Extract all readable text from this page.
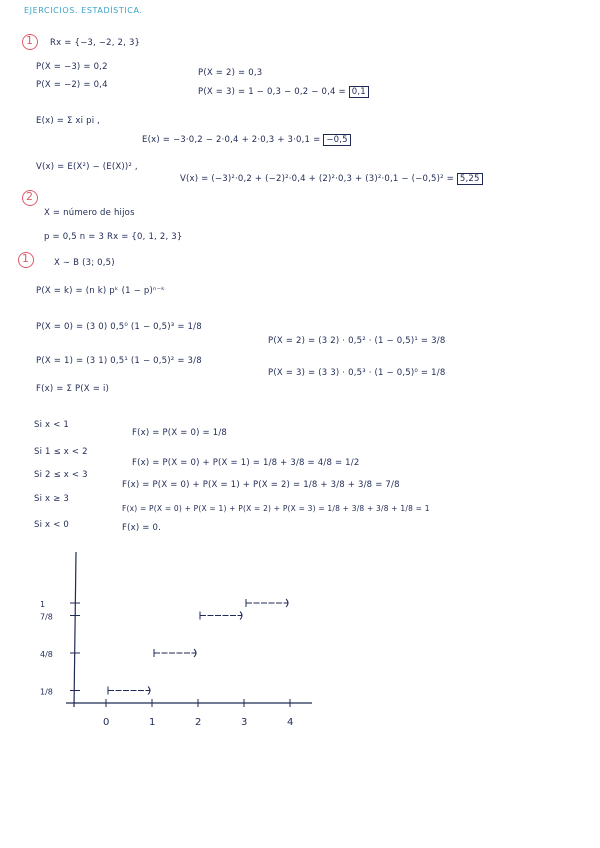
EJERCICIOS. ESTADÍSTICA.
1 Rx = {−3, −2, 2, 3}
P(X = −3) = 0,2
P(X = −2) = 0,4
P(X = 2) = 0,3
P(X = 3) = 1 − 0,3 − 0,2 − 0,4 = 0,1
E(x) = Σ xi pi ,
E(x) = −3·0,2 − 2·0,4 + 2·0,3 + 3·0,1 = −0,5
V(x) = E(X²) − (E(X))² ,
V(x) = (−3)²·0,2 + (−2)²·0,4 + (2)²·0,3 + (3)²·0,1 − (−0,5)² = 5,25
2
X = número de hijos
p = 0,5 n = 3 Rx = {0, 1, 2, 3}
1	X ∼ B (3; 0,5)
P(X = k) = (n k) pᵏ (1 − p)ⁿ⁻ᵏ
P(X = 0) = (3 0) 0,5⁰ (1 − 0,5)³ = 1/8
P(X = 1) = (3 1) 0,5¹ (1 − 0,5)² = 3/8
P(X = 2) = (3 2) · 0,5² · (1 − 0,5)¹ = 3/8
P(X = 3) = (3 3) · 0,5³ · (1 − 0,5)⁰ = 1/8
F(x) = Σ P(X = i)
Si x < 1
F(x) = P(X = 0) = 1/8
Si 1 ≤ x < 2
F(x) = P(X = 0) + P(X = 1) = 1/8 + 3/8 = 4/8 = 1/2
Si 2 ≤ x < 3
F(x) = P(X = 0) + P(X = 1) + P(X = 2) = 1/8 + 3/8 + 3/8 = 7/8
Si x ≥ 3
F(x) = P(X = 0) + P(X = 1) + P(X = 2) + P(X = 3) = 1/8 + 3/8 + 3/8 + 1/8 = 1
Si x < 0	F(x) = 0.
0	1	2	3	4
1/8
4/8
7/8
1
